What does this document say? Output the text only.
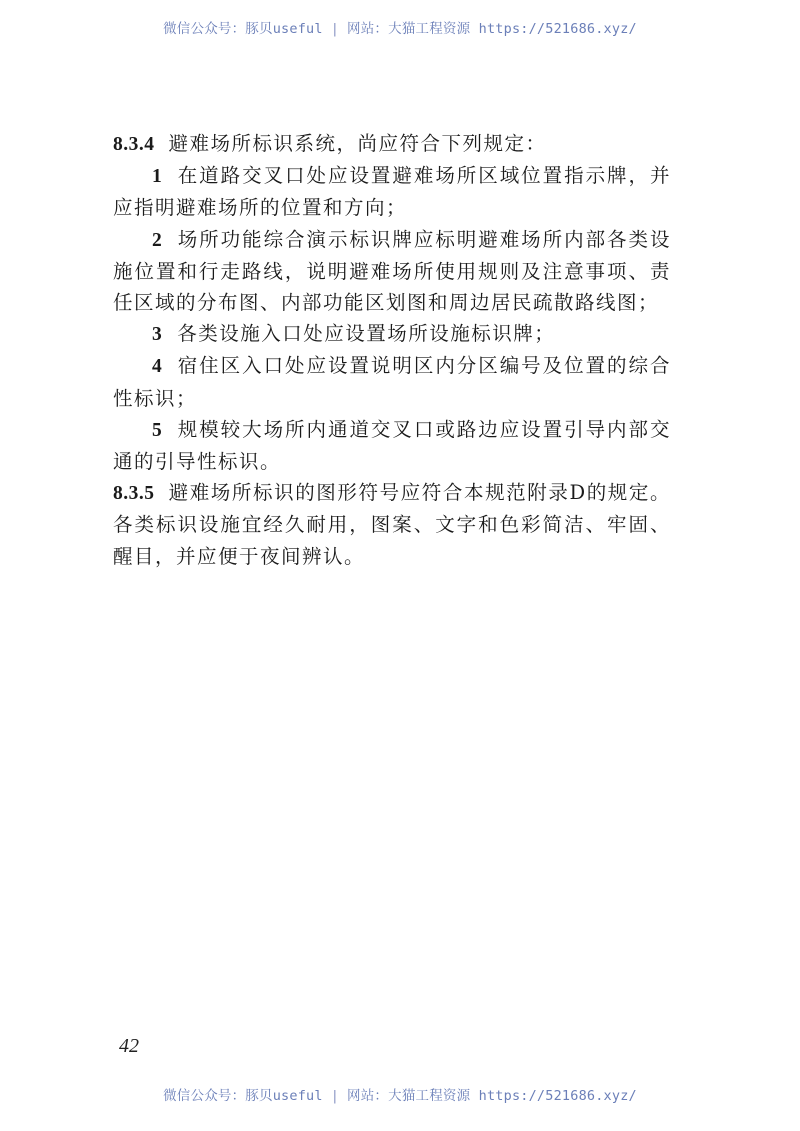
微信公众号：豚贝useful | 网站：大猫工程资源 https://521686.xyz/

8.3.4 避难场所标识系统，尚应符合下列规定：

1 在道路交叉口处应设置避难场所区域位置指示牌，并应指明避难场所的位置和方向；

2 场所功能综合演示标识牌应标明避难场所内部各类设施位置和行走路线，说明避难场所使用规则及注意事项、责任区域的分布图、内部功能区划图和周边居民疏散路线图；

3 各类设施入口处应设置场所设施标识牌；

4 宿住区入口处应设置说明区内分区编号及位置的综合性标识；

5 规模较大场所内通道交叉口或路边应设置引导内部交通的引导性标识。

8.3.5 避难场所标识的图形符号应符合本规范附录D的规定。各类标识设施宜经久耐用，图案、文字和色彩简洁、牢固、醒目，并应便于夜间辨认。

42
微信公众号：豚贝useful | 网站：大猫工程资源 https://521686.xyz/
